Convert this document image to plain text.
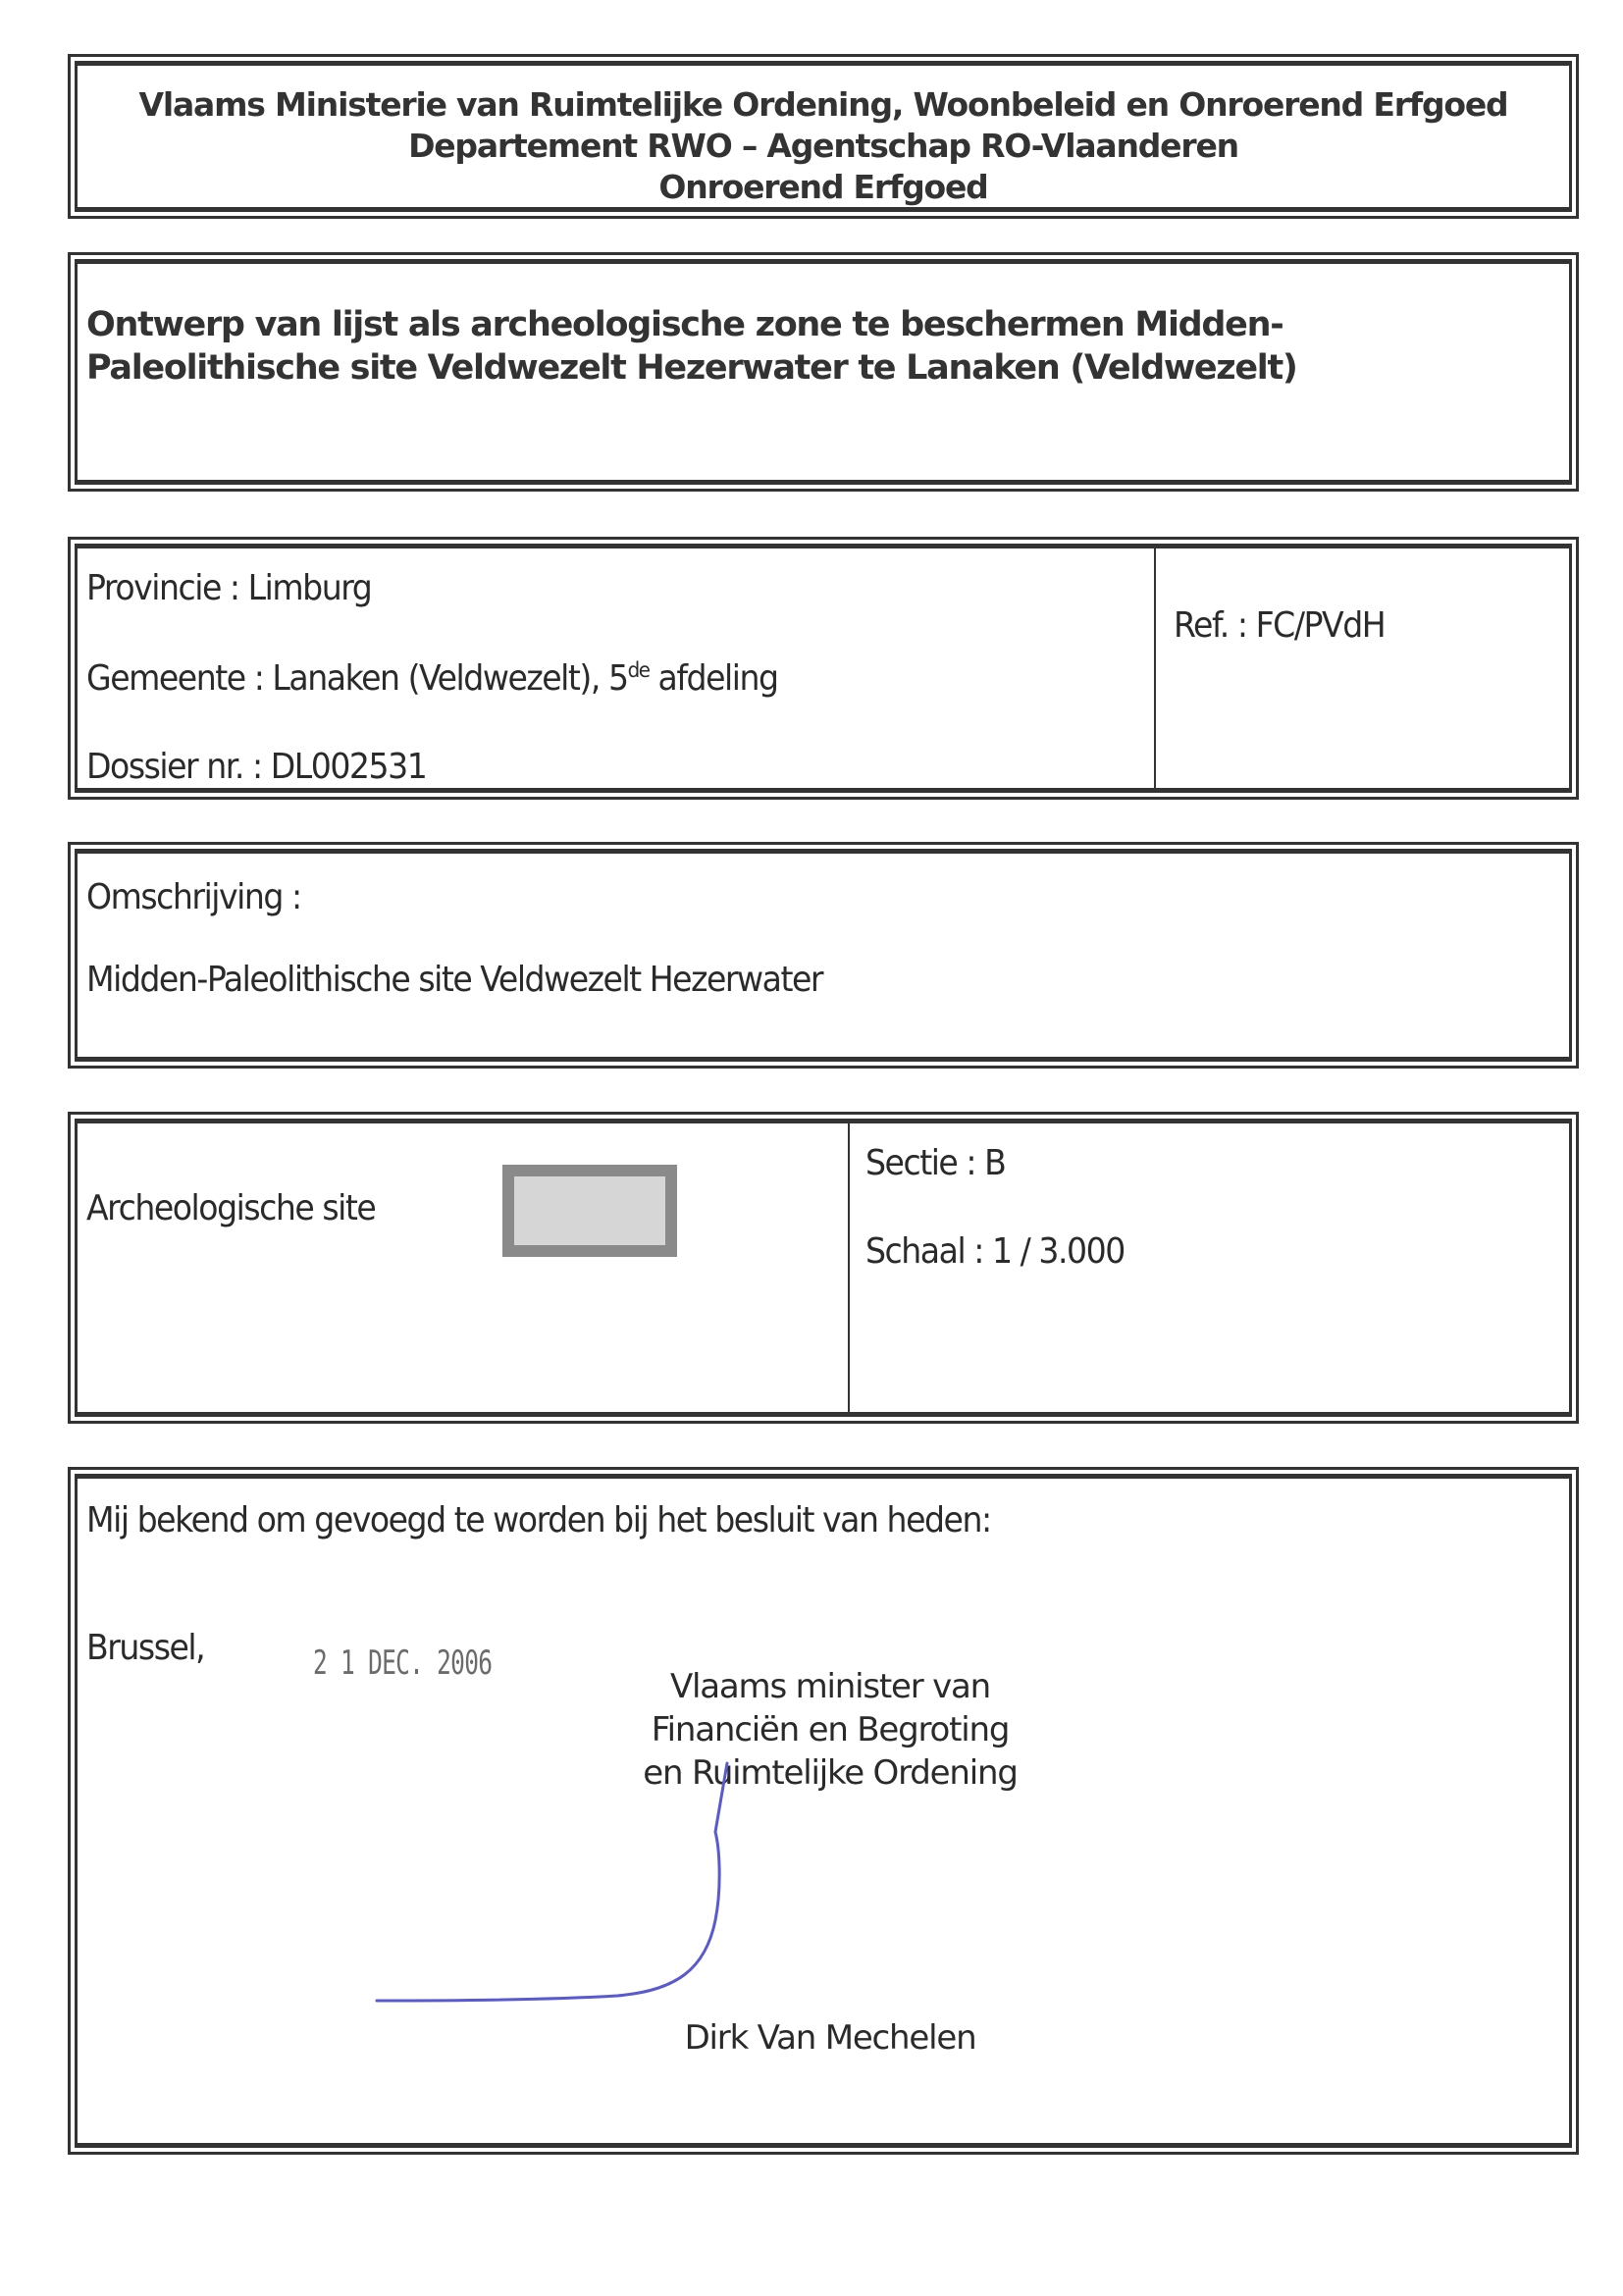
Vlaams Ministerie van Ruimtelijke Ordening, Woonbeleid en Onroerend Erfgoed
Departement RWO – Agentschap RO-Vlaanderen
Onroerend Erfgoed
Ontwerp van lijst als archeologische zone te beschermen Midden-
Paleolithische site Veldwezelt Hezerwater te Lanaken (Veldwezelt)
Provincie : Limburg
Gemeente : Lanaken (Veldwezelt), 5de afdeling
Dossier nr. : DL002531
Ref. : FC/PVdH
Omschrijving :
Midden-Paleolithische site Veldwezelt Hezerwater
Archeologische site
Sectie : B
Schaal : 1 / 3.000
Mij bekend om gevoegd te worden bij het besluit van heden:
Brussel,	2 1 DEC. 2006
Vlaams minister van
Financiën en Begroting
en Ruimtelijke Ordening
Dirk Van Mechelen
